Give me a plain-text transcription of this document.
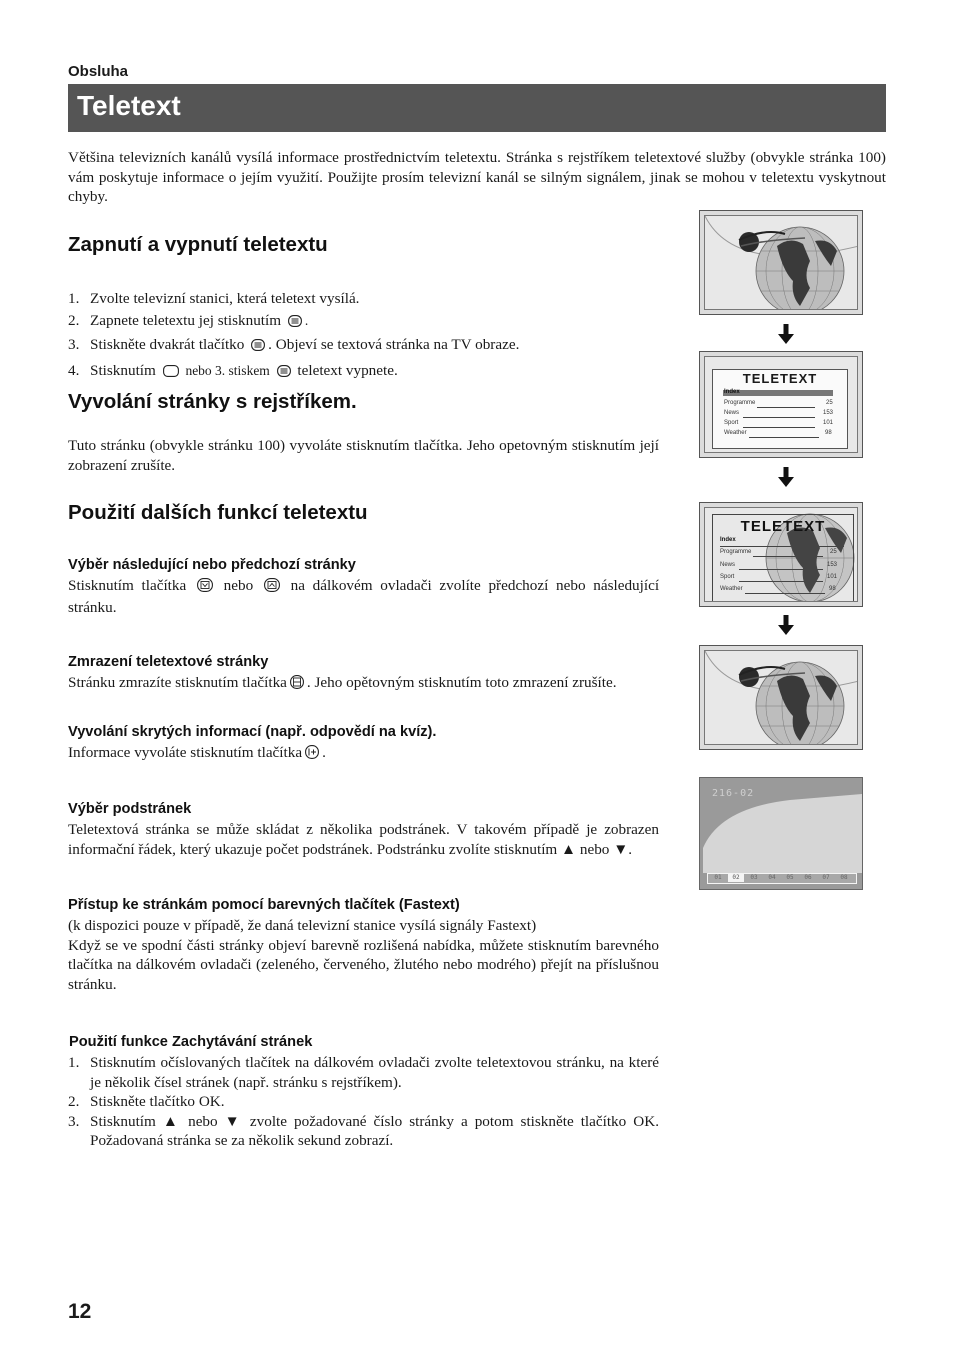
Obsluha
Teletext
Většina televizních kanálů vysílá informace prostřednictvím teletextu. Stránka s rejstříkem teletextové služby (obvykle stránka 100) vám poskytuje informace o jejím využití. Použijte prosím televizní kanál se silným signálem, jinak se mohou v teletextu vyskytnout chyby.
Zapnutí a vypnutí teletextu
1. Zvolte televizní stanici, která teletext vysílá.
2. Zapnete teletextu jej stisknutím .
3. Stiskněte dvakrát tlačítko . Objeví se textová stránka na TV obraze.
4. Stisknutím nebo 3. stiskem teletext vypnete.
Vyvolání stránky s rejstříkem.
Tuto stránku (obvykle stránku 100) vyvoláte stisknutím tlačítka. Jeho opetovným stisknutím její zobrazení zrušíte.
Použití dalších funkcí teletextu
Výběr následující nebo předchozí stránky
Stisknutím tlačítka nebo na dálkovém ovladači zvolíte předchozí nebo následující stránku.
Zmrazení teletextové stránky
Stránku zmrazíte stisknutím tlačítka . Jeho opětovným stisknutím toto zmrazení zrušíte.
Vyvolání skrytých informací (např. odpovědí na kvíz).
Informace vyvoláte stisknutím tlačítka .
Výběr podstránek
Teletextová stránka se může skládat z několika podstránek. V takovém případě je zobrazen informační řádek, který ukazuje počet podstránek. Podstránku zvolíte stisknutím ▲ nebo ▼.
Přístup ke stránkám pomocí barevných tlačítek (Fastext)
(k dispozici pouze v případě, že daná televizní stanice vysílá signály Fastext)
Když se ve spodní části stránky objeví barevně rozlišená nabídka, můžete stisknutím barevného tlačítka na dálkovém ovladači (zeleného, červeného, žlutého nebo modrého) přejít na příslušnou stránku.
Použití funkce Zachytávání stránek
1. Stisknutím očíslovaných tlačítek na dálkovém ovladači zvolte teletextovou stránku, na které je několik čísel stránek (např. stránku s rejstříkem).
2. Stiskněte tlačítko OK.
3. Stisknutím ▲ nebo ▼ zvolte požadované číslo stránky a potom stiskněte tlačítko OK. Požadovaná stránka se za několik sekund zobrazí.
12
TELETEXT
Index
Programme	25
News	153
Sport	101
Weather	98
TELETEXT
Index
Programme	25
News	153
Sport	101
Weather	98
216-02
01	02	03	04	05	06	07	08
